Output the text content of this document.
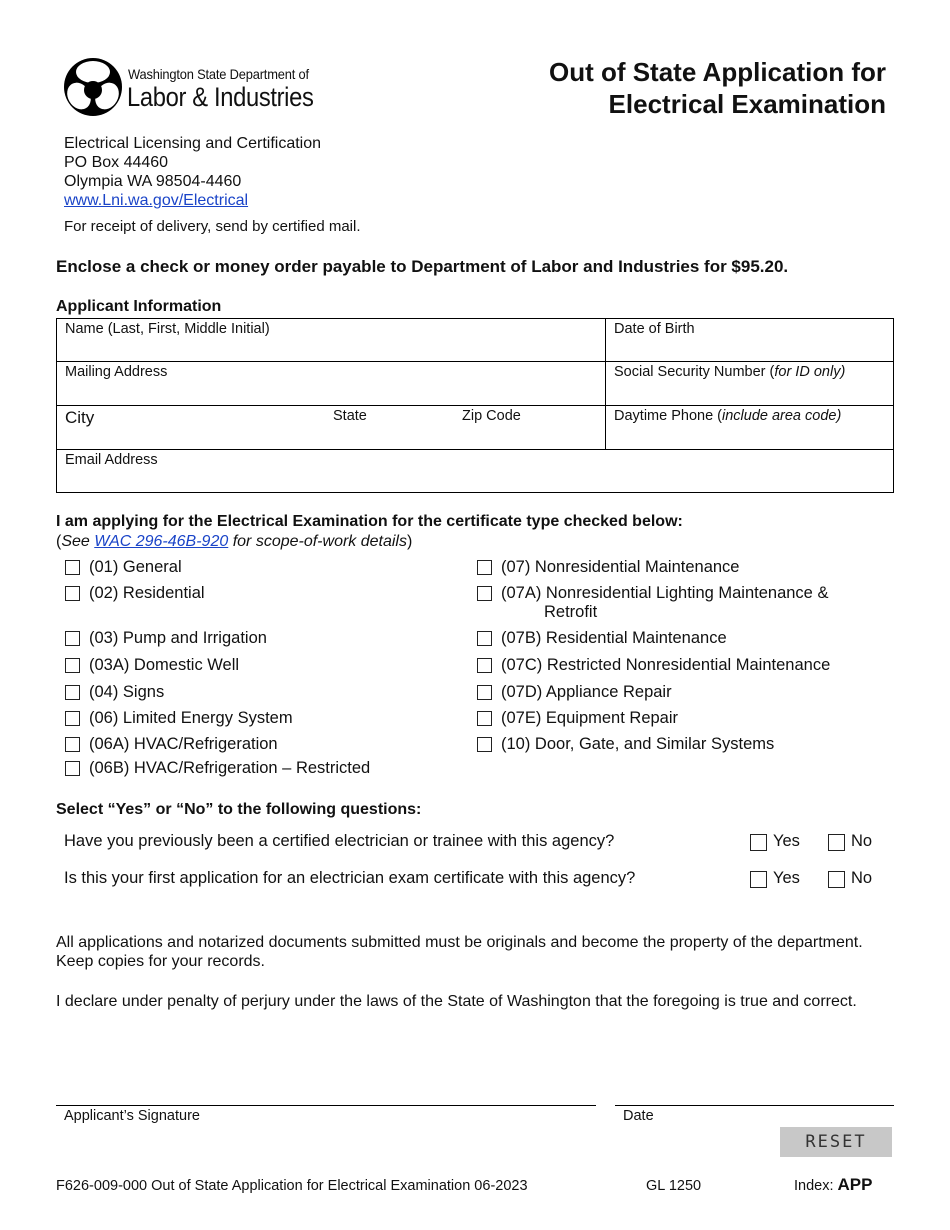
Washington State Department of
Labor & Industries
Out of State Application for
Electrical Examination
Electrical Licensing and Certification
PO Box 44460
Olympia WA 98504-4460
www.Lni.wa.gov/Electrical
For receipt of delivery, send by certified mail.
Enclose a check or money order payable to Department of Labor and Industries for $95.20.
Applicant Information
Name (Last, First, Middle Initial)	Date of Birth
Mailing Address	Social Security Number (for ID only)
City	State	Zip Code	Daytime Phone (include area code)
Email Address
I am applying for the Electrical Examination for the certificate type checked below:
(See WAC 296-46B-920 for scope-of-work details)
(01) General
(02) Residential
(03) Pump and Irrigation
(03A) Domestic Well
(04) Signs
(06) Limited Energy System
(06A) HVAC/Refrigeration
(06B) HVAC/Refrigeration – Restricted
(07) Nonresidential Maintenance
(07A) Nonresidential Lighting Maintenance &
Retrofit
(07B) Residential Maintenance
(07C) Restricted Nonresidential Maintenance
(07D) Appliance Repair
(07E) Equipment Repair
(10) Door, Gate, and Similar Systems
Select “Yes” or “No” to the following questions:
Have you previously been a certified electrician or trainee with this agency?	Yes	No
Is this your first application for an electrician exam certificate with this agency?	Yes	No
All applications and notarized documents submitted must be originals and become the property of the department. Keep copies for your records.
I declare under penalty of perjury under the laws of the State of Washington that the foregoing is true and correct.
Applicant’s Signature	Date
RESET
F626-009-000 Out of State Application for Electrical Examination 06-2023	GL 1250	Index: APP
